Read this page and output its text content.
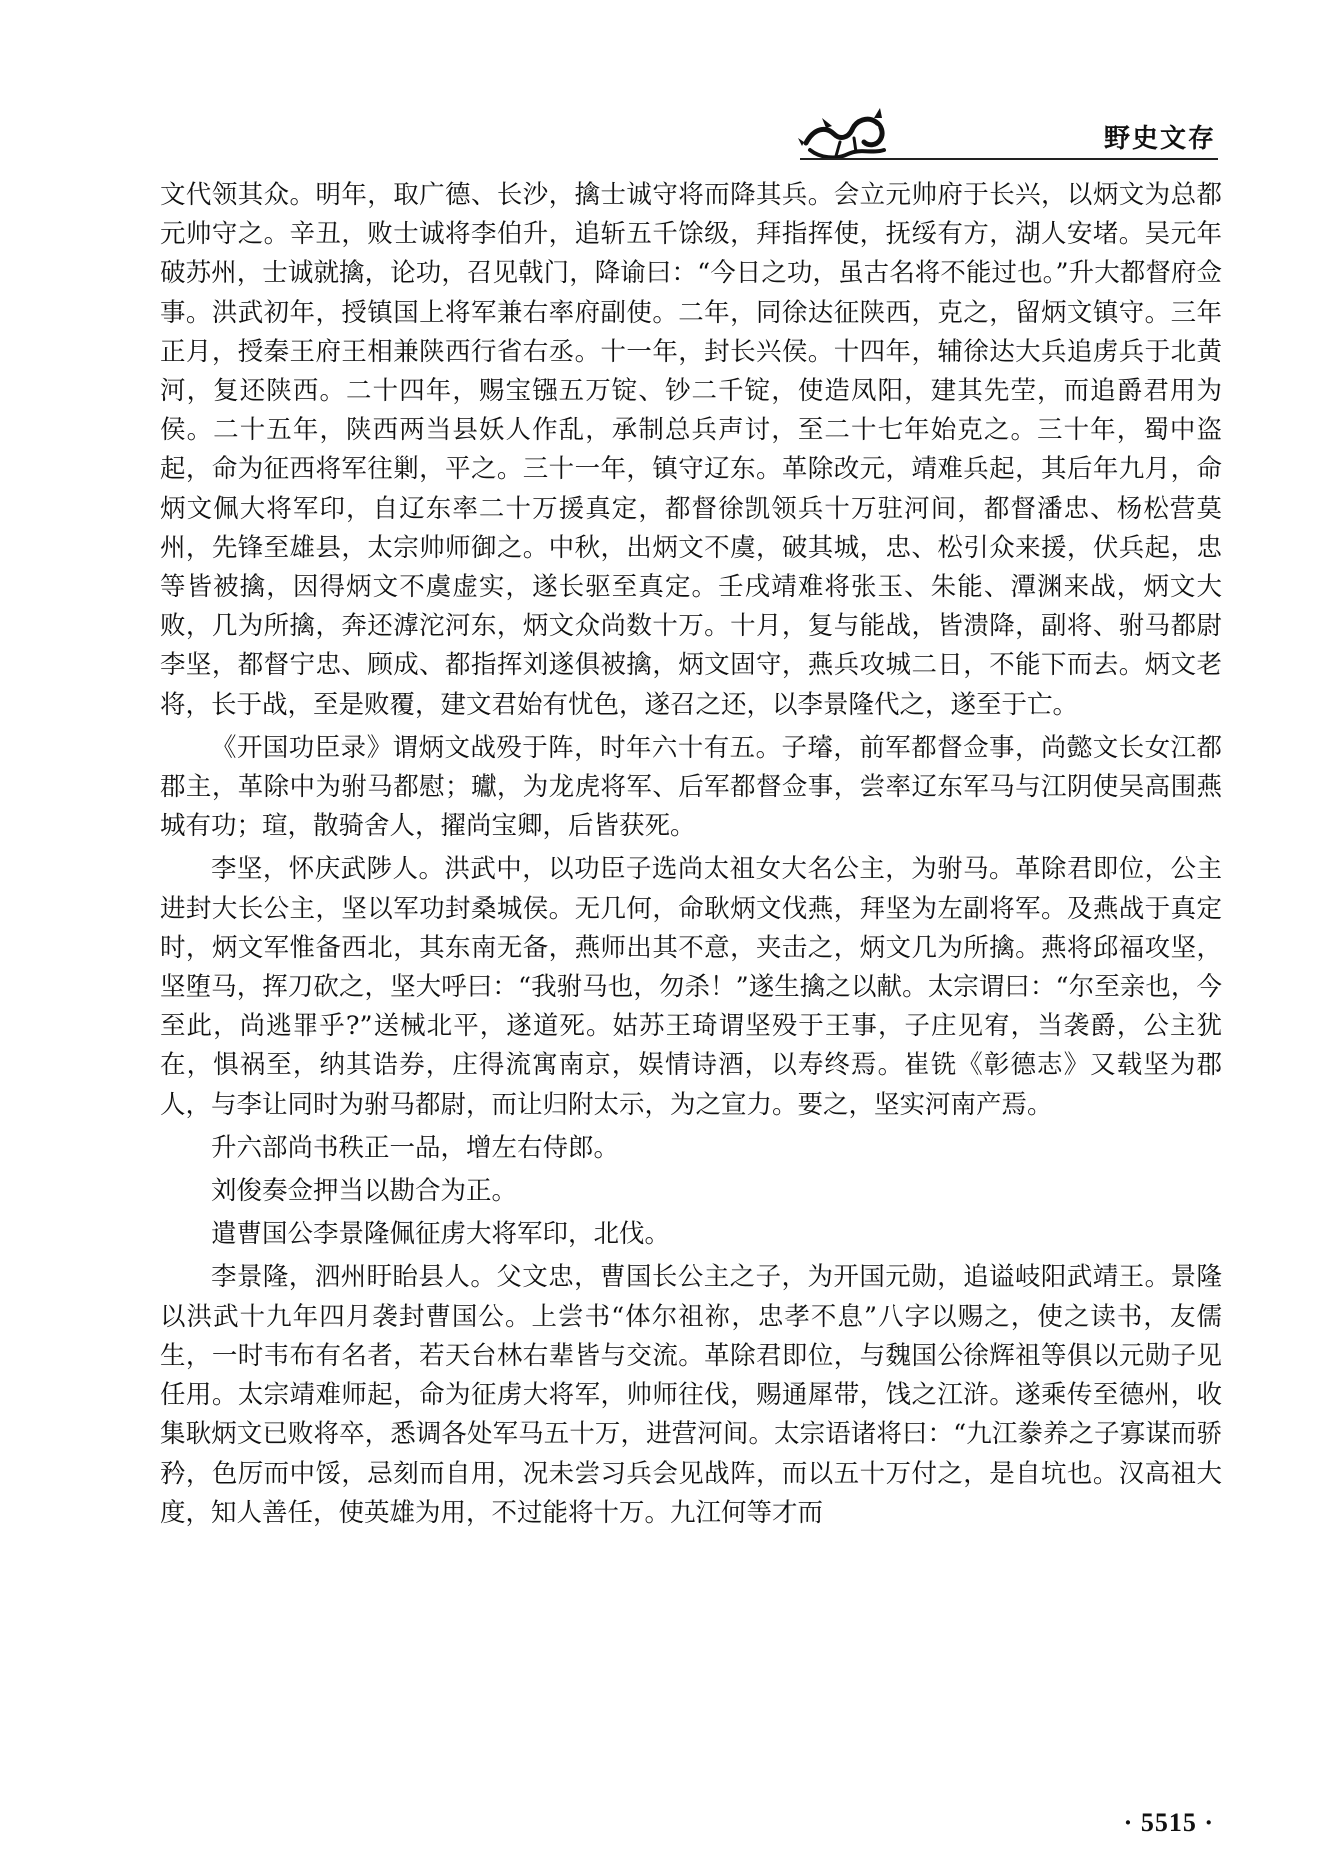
野史文存

文代领其众。明年，取广德、长沙，擒士诚守将而降其兵。会立元帅府于长兴，以炳文为总都元帅守之。辛丑，败士诚将李伯升，追斩五千馀级，拜指挥使，抚绥有方，湖人安堵。吴元年破苏州，士诚就擒，论功，召见戟门，降谕曰：“今日之功，虽古名将不能过也。”升大都督府佥事。洪武初年，授镇国上将军兼右率府副使。二年，同徐达征陕西，克之，留炳文镇守。三年正月，授秦王府王相兼陕西行省右丞。十一年，封长兴侯。十四年，辅徐达大兵追虏兵于北黄河，复还陕西。二十四年，赐宝镪五万锭、钞二千锭，使造凤阳，建其先茔，而追爵君用为侯。二十五年，陕西两当县妖人作乱，承制总兵声讨，至二十七年始克之。三十年，蜀中盗起，命为征西将军往剿，平之。三十一年，镇守辽东。革除改元，靖难兵起，其后年九月，命炳文佩大将军印，自辽东率二十万援真定，都督徐凯领兵十万驻河间，都督潘忠、杨松营莫州，先锋至雄县，太宗帅师御之。中秋，出炳文不虞，破其城，忠、松引众来援，伏兵起，忠等皆被擒，因得炳文不虞虚实，遂长驱至真定。壬戌靖难将张玉、朱能、潭渊来战，炳文大败，几为所擒，奔还滹沱河东，炳文众尚数十万。十月，复与能战，皆溃降，副将、驸马都尉李坚，都督宁忠、顾成、都指挥刘遂俱被擒，炳文固守，燕兵攻城二日，不能下而去。炳文老将，长于战，至是败覆，建文君始有忧色，遂召之还，以李景隆代之，遂至于亡。

《开国功臣录》谓炳文战殁于阵，时年六十有五。子璿，前军都督佥事，尚懿文长女江都郡主，革除中为驸马都慰；瓛，为龙虎将军、后军都督佥事，尝率辽东军马与江阴使吴高围燕城有功；瑄，散骑舍人，擢尚宝卿，后皆获死。

李坚，怀庆武陟人。洪武中，以功臣子选尚太祖女大名公主，为驸马。革除君即位，公主进封大长公主，坚以军功封桑城侯。无几何，命耿炳文伐燕，拜坚为左副将军。及燕战于真定时，炳文军惟备西北，其东南无备，燕师出其不意，夹击之，炳文几为所擒。燕将邱福攻坚，坚堕马，挥刀砍之，坚大呼曰：“我驸马也，勿杀！”遂生擒之以献。太宗谓曰：“尔至亲也，今至此，尚逃罪乎?”送械北平，遂道死。姑苏王琦谓坚殁于王事，子庄见宥，当袭爵，公主犹在，惧祸至，纳其诰券，庄得流寓南京，娱情诗酒，以寿终焉。崔铣《彰德志》又载坚为郡人，与李让同时为驸马都尉，而让归附太示，为之宣力。要之，坚实河南产焉。

升六部尚书秩正一品，增左右侍郎。

刘俊奏佥押当以勘合为正。

遣曹国公李景隆佩征虏大将军印，北伐。

李景隆，泗州盱眙县人。父文忠，曹国长公主之子，为开国元勋，追谥岐阳武靖王。景隆以洪武十九年四月袭封曹国公。上尝书“体尔祖祢，忠孝不息”八字以赐之，使之读书，友儒生，一时韦布有名者，若天台林右辈皆与交流。革除君即位，与魏国公徐辉祖等俱以元勋子见任用。太宗靖难师起，命为征虏大将军，帅师往伐，赐通犀带，饯之江浒。遂乘传至德州，收集耿炳文已败将卒，悉调各处军马五十万，进营河间。太宗语诸将曰：“九江豢养之子寡谋而骄矜，色厉而中馁，忌刻而自用，况未尝习兵会见战阵，而以五十万付之，是自坑也。汉高祖大度，知人善任，使英雄为用，不过能将十万。九江何等才而

· 5515 ·
